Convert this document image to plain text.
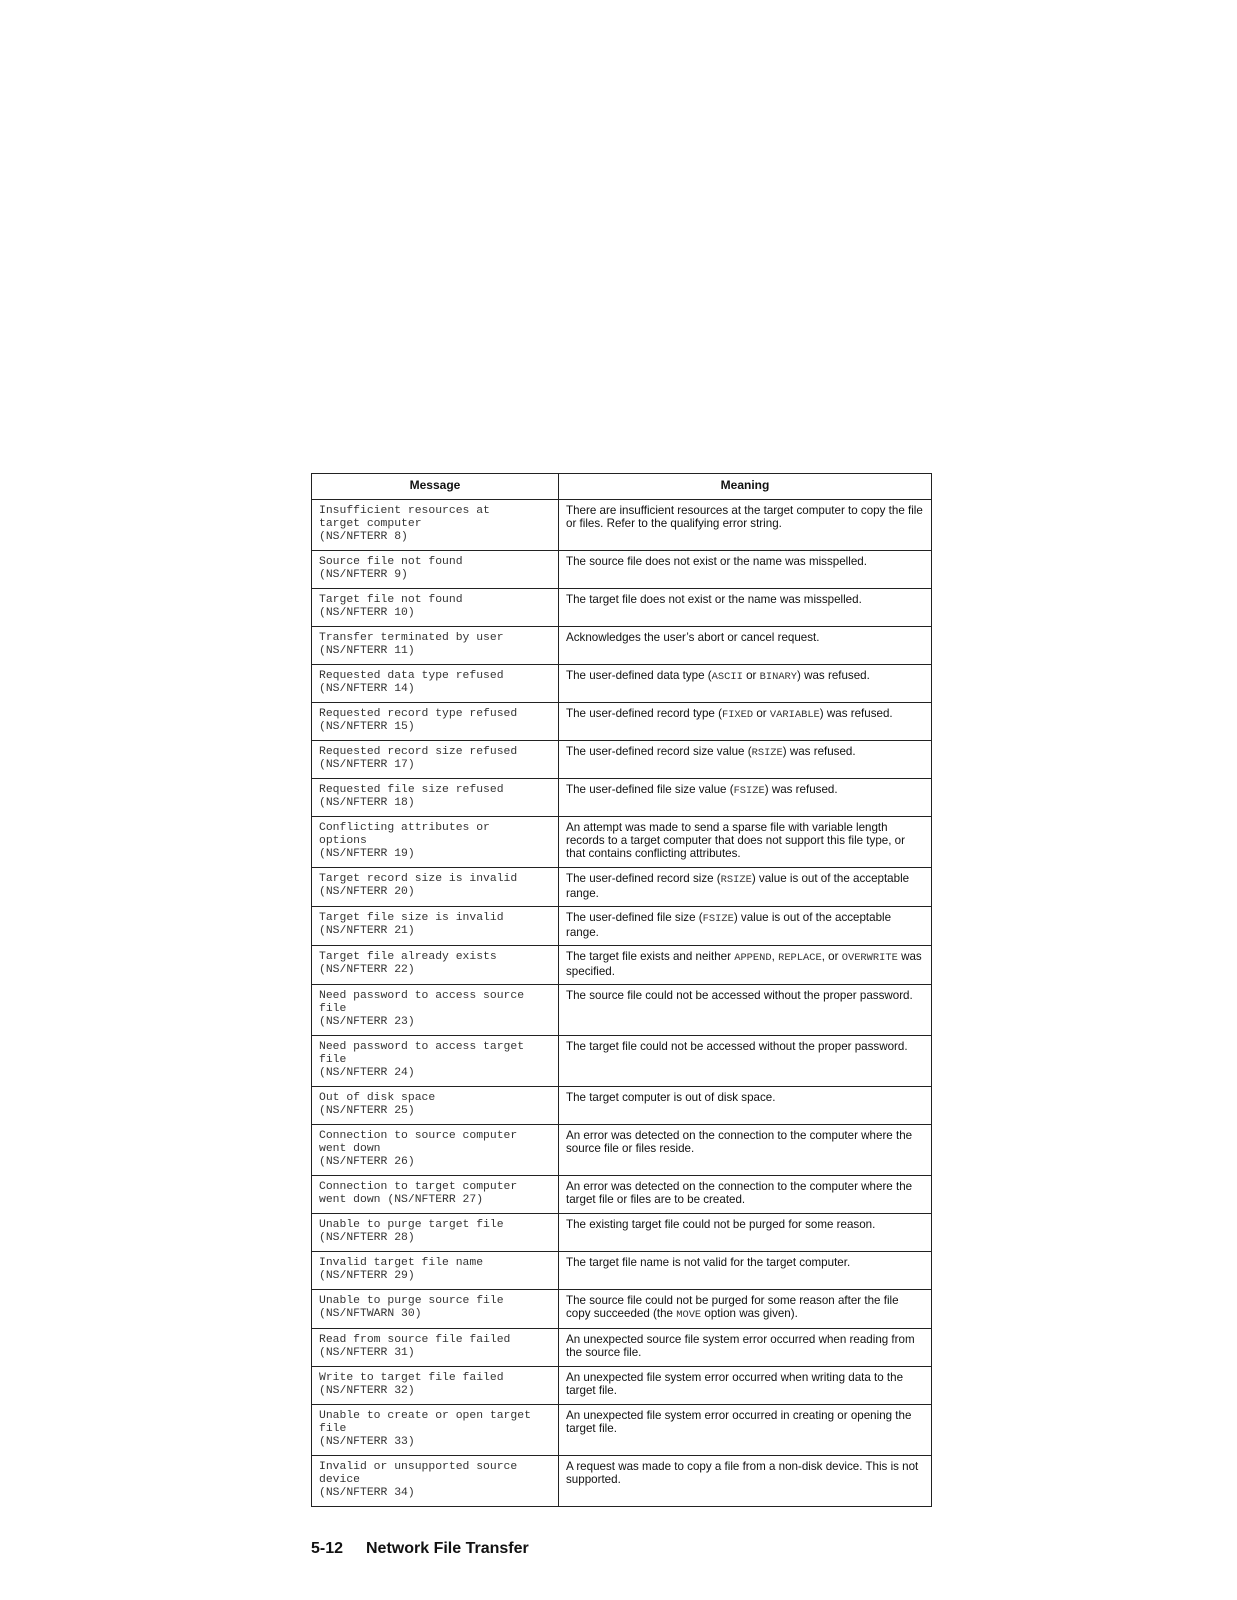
Message	Meaning
Insufficient resources at
target computer
(NS/NFTERR 8)	There are insufficient resources at the target computer to copy the file or files. Refer to the qualifying error string.
Source file not found
(NS/NFTERR 9)	The source file does not exist or the name was misspelled.
Target file not found
(NS/NFTERR 10)	The target file does not exist or the name was misspelled.
Transfer terminated by user
(NS/NFTERR 11)	Acknowledges the user’s abort or cancel request.
Requested data type refused
(NS/NFTERR 14)	The user-defined data type (ASCII or BINARY) was refused.
Requested record type refused
(NS/NFTERR 15)	The user-defined record type (FIXED or VARIABLE) was refused.
Requested record size refused
(NS/NFTERR 17)	The user-defined record size value (RSIZE) was refused.
Requested file size refused
(NS/NFTERR 18)	The user-defined file size value (FSIZE) was refused.
Conflicting attributes or
options
(NS/NFTERR 19)	An attempt was made to send a sparse file with variable length records to a target computer that does not support this file type, or that contains conflicting attributes.
Target record size is invalid
(NS/NFTERR 20)	The user-defined record size (RSIZE) value is out of the acceptable range.
Target file size is invalid
(NS/NFTERR 21)	The user-defined file size (FSIZE) value is out of the acceptable range.
Target file already exists
(NS/NFTERR 22)	The target file exists and neither APPEND, REPLACE, or OVERWRITE was specified.
Need password to access source
file
(NS/NFTERR 23)	The source file could not be accessed without the proper password.
Need password to access target
file
(NS/NFTERR 24)	The target file could not be accessed without the proper password.
Out of disk space
(NS/NFTERR 25)	The target computer is out of disk space.
Connection to source computer
went down
(NS/NFTERR 26)	An error was detected on the connection to the computer where the source file or files reside.
Connection to target computer
went down (NS/NFTERR 27)	An error was detected on the connection to the computer where the target file or files are to be created.
Unable to purge target file
(NS/NFTERR 28)	The existing target file could not be purged for some reason.
Invalid target file name
(NS/NFTERR 29)	The target file name is not valid for the target computer.
Unable to purge source file
(NS/NFTWARN 30)	The source file could not be purged for some reason after the file copy succeeded (the MOVE option was given).
Read from source file failed
(NS/NFTERR 31)	An unexpected source file system error occurred when reading from the source file.
Write to target file failed
(NS/NFTERR 32)	An unexpected file system error occurred when writing data to the target file.
Unable to create or open target
file
(NS/NFTERR 33)	An unexpected file system error occurred in creating or opening the target file.
Invalid or unsupported source
device
(NS/NFTERR 34)	A request was made to copy a file from a non-disk device. This is not supported.
5-12 Network File Transfer
